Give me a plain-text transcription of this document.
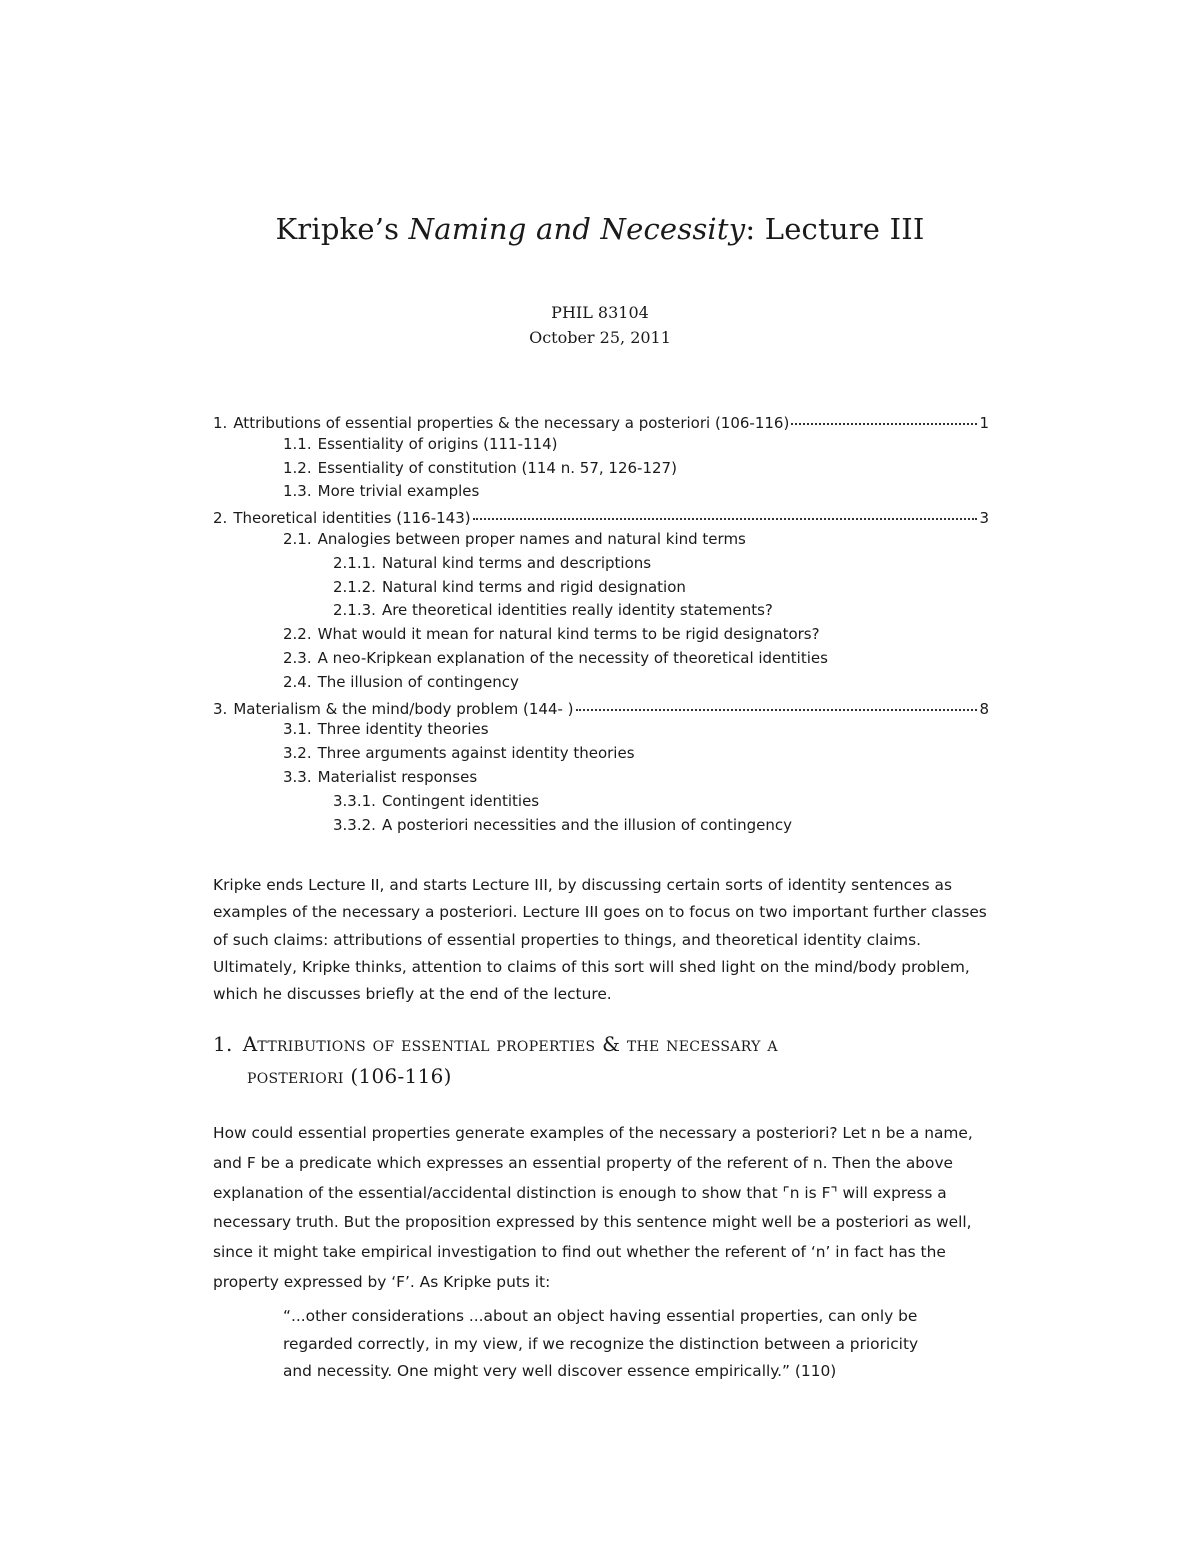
Kripke’s Naming and Necessity: Lecture III
PHIL 83104
October 25, 2011
1. Attributions of essential properties & the necessary a posteriori (106-116)	1
1.1. Essentiality of origins (111-114)
1.2. Essentiality of constitution (114 n. 57, 126-127)
1.3. More trivial examples
2. Theoretical identities (116-143)	3
2.1. Analogies between proper names and natural kind terms
2.1.1. Natural kind terms and descriptions
2.1.2. Natural kind terms and rigid designation
2.1.3. Are theoretical identities really identity statements?
2.2. What would it mean for natural kind terms to be rigid designators?
2.3. A neo-Kripkean explanation of the necessity of theoretical identities
2.4. The illusion of contingency
3. Materialism & the mind/body problem (144- )	8
3.1. Three identity theories
3.2. Three arguments against identity theories
3.3. Materialist responses
3.3.1. Contingent identities
3.3.2. A posteriori necessities and the illusion of contingency
Kripke ends Lecture II, and starts Lecture III, by discussing certain sorts of identity sentences as examples of the necessary a posteriori. Lecture III goes on to focus on two important further classes of such claims: attributions of essential properties to things, and theoretical identity claims. Ultimately, Kripke thinks, attention to claims of this sort will shed light on the mind/body problem, which he discusses briefly at the end of the lecture.
1. Attributions of essential properties & the necessary a
posteriori (106-116)
How could essential properties generate examples of the necessary a posteriori? Let n be a name, and F be a predicate which expresses an essential property of the referent of n. Then the above explanation of the essential/accidental distinction is enough to show that ⌜n is F⌝ will express a necessary truth. But the proposition expressed by this sentence might well be a posteriori as well, since it might take empirical investigation to find out whether the referent of ‘n’ in fact has the property expressed by ‘F’. As Kripke puts it:
“...other considerations ...about an object having essential properties, can only be regarded correctly, in my view, if we recognize the distinction between a prioricity and necessity. One might very well discover essence empirically.” (110)
